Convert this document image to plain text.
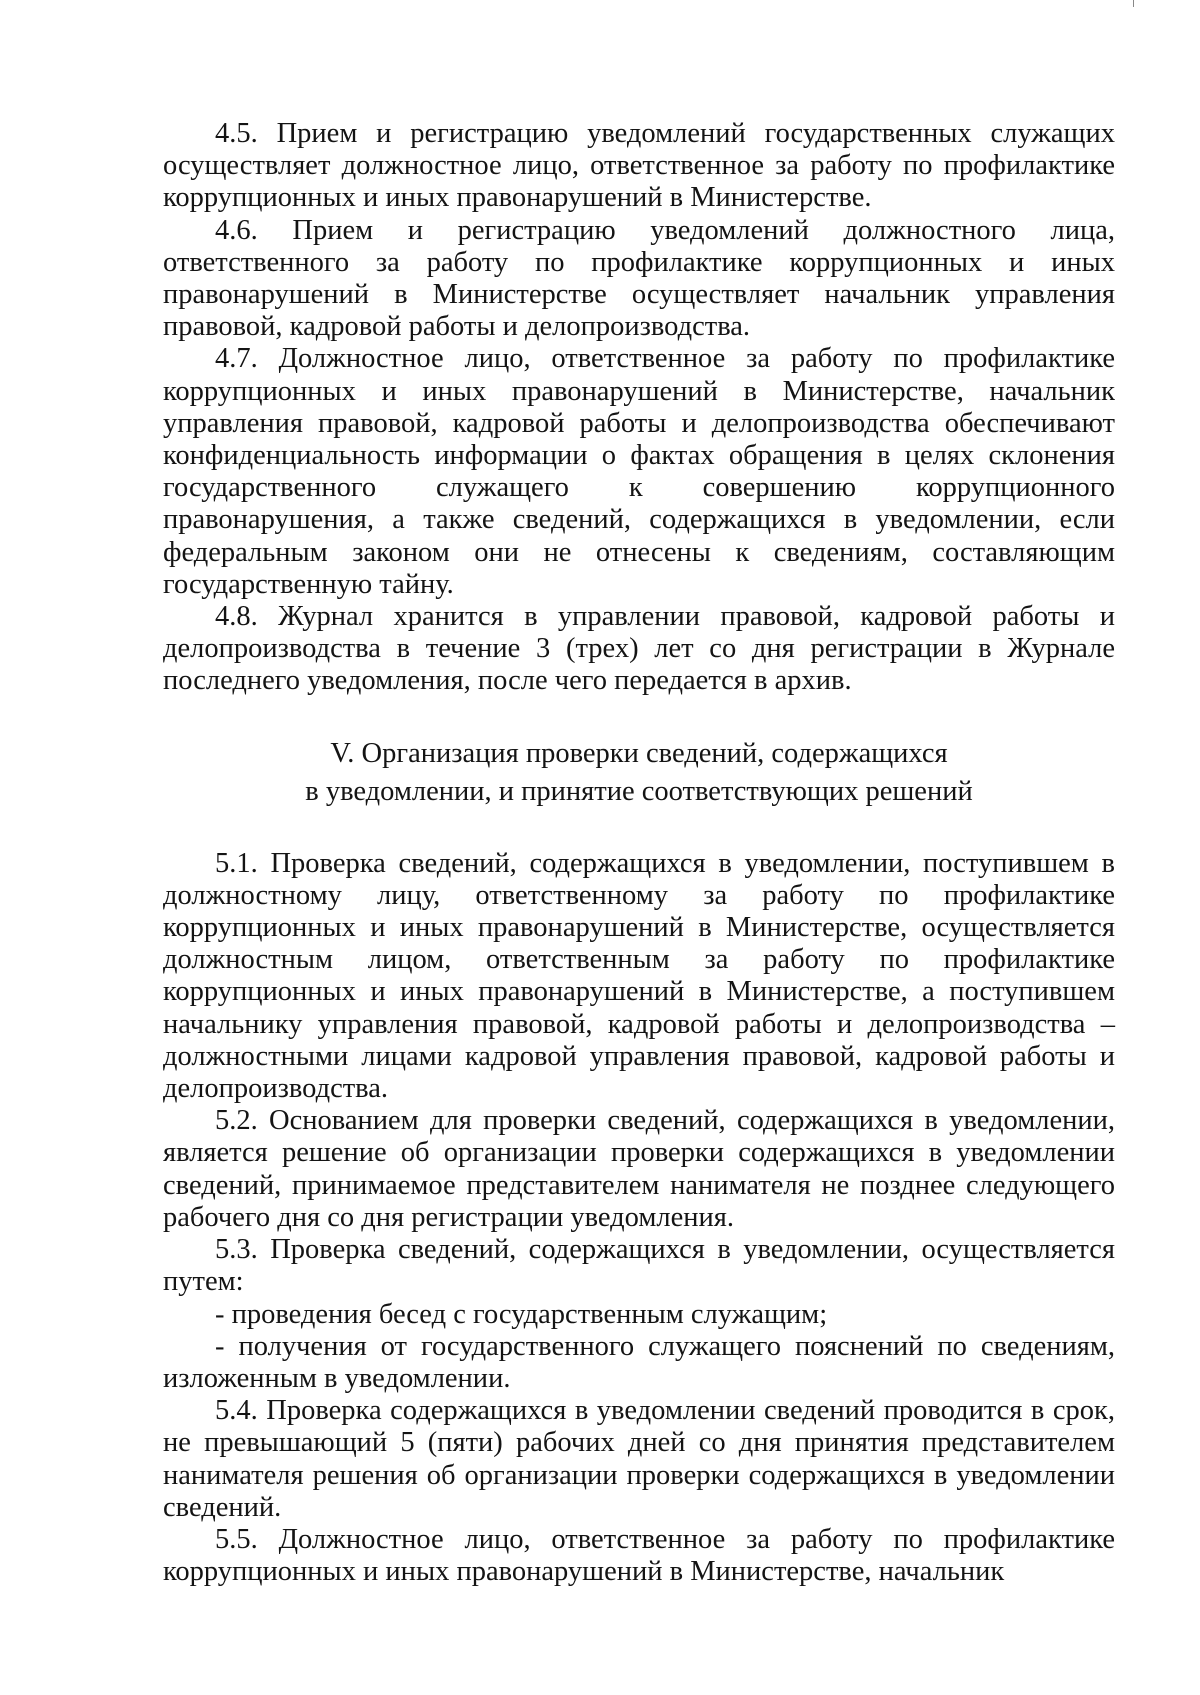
4.5. Прием и регистрацию уведомлений государственных служащих осуществляет должностное лицо, ответственное за работу по профилактике коррупционных и иных правонарушений в Министерстве.

4.6. Прием и регистрацию уведомлений должностного лица, ответственного за работу по профилактике коррупционных и иных правонарушений в Министерстве осуществляет начальник управления правовой, кадровой работы и делопроизводства.

4.7. Должностное лицо, ответственное за работу по профилактике коррупционных и иных правонарушений в Министерстве, начальник управления правовой, кадровой работы и делопроизводства обеспечивают конфиденциальность информации о фактах обращения в целях склонения государственного служащего к совершению коррупционного правонарушения, а также сведений, содержащихся в уведомлении, если федеральным законом они не отнесены к сведениям, составляющим государственную тайну.

4.8. Журнал хранится в управлении правовой, кадровой работы и делопроизводства в течение 3 (трех) лет со дня регистрации в Журнале последнего уведомления, после чего передается в архив.

V. Организация проверки сведений, содержащихся
в уведомлении, и принятие соответствующих решений

5.1. Проверка сведений, содержащихся в уведомлении, поступившем в должностному лицу, ответственному за работу по профилактике коррупционных и иных правонарушений в Министерстве, осуществляется должностным лицом, ответственным за работу по профилактике коррупционных и иных правонарушений в Министерстве, а поступившем начальнику управления правовой, кадровой работы и делопроизводства – должностными лицами кадровой управления правовой, кадровой работы и делопроизводства.

5.2. Основанием для проверки сведений, содержащихся в уведомлении, является решение об организации проверки содержащихся в уведомлении сведений, принимаемое представителем нанимателя не позднее следующего рабочего дня со дня регистрации уведомления.

5.3. Проверка сведений, содержащихся в уведомлении, осуществляется путем:

- проведения бесед с государственным служащим;

- получения от государственного служащего пояснений по сведениям, изложенным в уведомлении.

5.4. Проверка содержащихся в уведомлении сведений проводится в срок, не превышающий 5 (пяти) рабочих дней со дня принятия представителем нанимателя решения об организации проверки содержащихся в уведомлении сведений.

5.5. Должностное лицо, ответственное за работу по профилактике коррупционных и иных правонарушений в Министерстве, начальник
